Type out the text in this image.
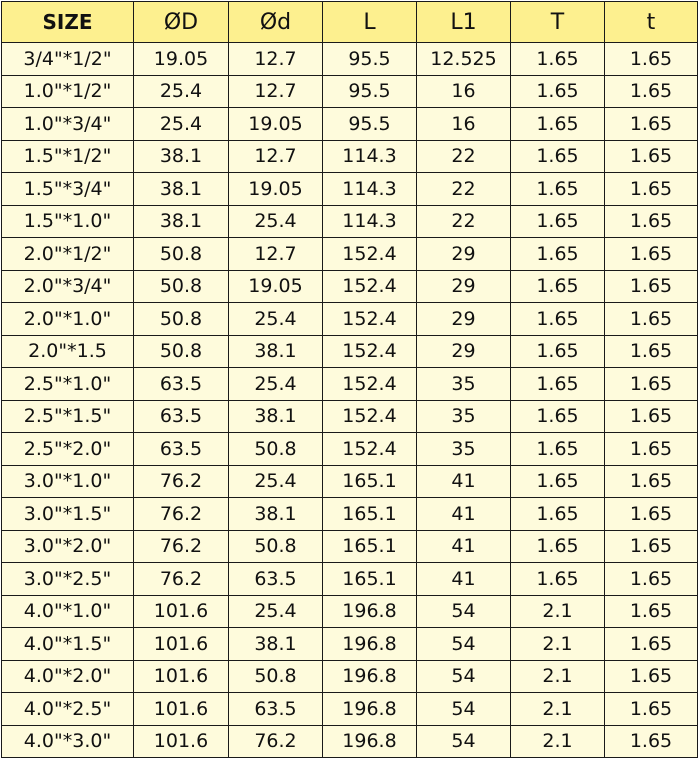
SIZE	ØD	Ød	L	L1	T	t
3/4"*1/2"	19.05	12.7	95.5	12.525	1.65	1.65
1.0"*1/2"	25.4	12.7	95.5	16	1.65	1.65
1.0"*3/4"	25.4	19.05	95.5	16	1.65	1.65
1.5"*1/2"	38.1	12.7	114.3	22	1.65	1.65
1.5"*3/4"	38.1	19.05	114.3	22	1.65	1.65
1.5"*1.0"	38.1	25.4	114.3	22	1.65	1.65
2.0"*1/2"	50.8	12.7	152.4	29	1.65	1.65
2.0"*3/4"	50.8	19.05	152.4	29	1.65	1.65
2.0"*1.0"	50.8	25.4	152.4	29	1.65	1.65
2.0"*1.5	50.8	38.1	152.4	29	1.65	1.65
2.5"*1.0"	63.5	25.4	152.4	35	1.65	1.65
2.5"*1.5"	63.5	38.1	152.4	35	1.65	1.65
2.5"*2.0"	63.5	50.8	152.4	35	1.65	1.65
3.0"*1.0"	76.2	25.4	165.1	41	1.65	1.65
3.0"*1.5"	76.2	38.1	165.1	41	1.65	1.65
3.0"*2.0"	76.2	50.8	165.1	41	1.65	1.65
3.0"*2.5"	76.2	63.5	165.1	41	1.65	1.65
4.0"*1.0"	101.6	25.4	196.8	54	2.1	1.65
4.0"*1.5"	101.6	38.1	196.8	54	2.1	1.65
4.0"*2.0"	101.6	50.8	196.8	54	2.1	1.65
4.0"*2.5"	101.6	63.5	196.8	54	2.1	1.65
4.0"*3.0"	101.6	76.2	196.8	54	2.1	1.65
